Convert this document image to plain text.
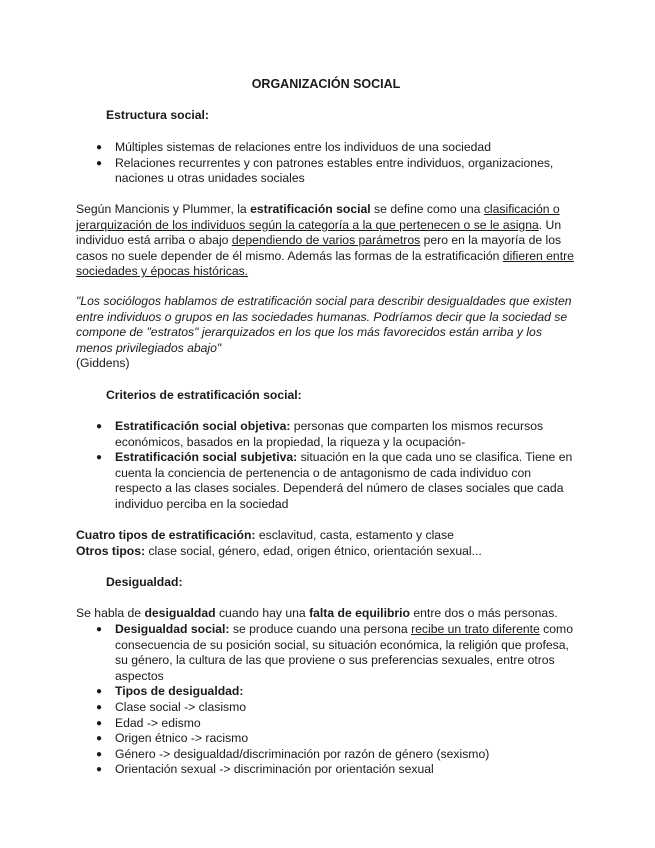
ORGANIZACIÓN SOCIAL
Estructura social:
● Múltiples sistemas de relaciones entre los individuos de una sociedad
● Relaciones recurrentes y con patrones estables entre individuos, organizaciones, naciones u otras unidades sociales
Según Mancionis y Plummer, la estratificación social se define como una clasificación o jerarquización de los individuos según la categoría a la que pertenecen o se le asigna. Un individuo está arriba o abajo dependiendo de varios parámetros pero en la mayoría de los casos no suele depender de él mismo. Además las formas de la estratificación difieren entre sociedades y épocas históricas.
"Los sociólogos hablamos de estratificación social para describir desigualdades que existen entre individuos o grupos en las sociedades humanas. Podríamos decir que la sociedad se compone de "estratos" jerarquizados en los que los más favorecidos están arriba y los menos privilegiados abajo"
(Giddens)
Criterios de estratificación social:
● Estratificación social objetiva: personas que comparten los mismos recursos económicos, basados en la propiedad, la riqueza y la ocupación-
● Estratificación social subjetiva: situación en la que cada uno se clasifica. Tiene en cuenta la conciencia de pertenencia o de antagonismo de cada individuo con respecto a las clases sociales. Dependerá del número de clases sociales que cada individuo perciba en la sociedad
Cuatro tipos de estratificación: esclavitud, casta, estamento y clase
Otros tipos: clase social, género, edad, origen étnico, orientación sexual...
Desigualdad:
Se habla de desigualdad cuando hay una falta de equilibrio entre dos o más personas.
● Desigualdad social: se produce cuando una persona recibe un trato diferente como consecuencia de su posición social, su situación económica, la religión que profesa, su género, la cultura de las que proviene o sus preferencias sexuales, entre otros aspectos
● Tipos de desigualdad:
● Clase social -> clasismo
● Edad -> edismo
● Origen étnico -> racismo
● Género -> desigualdad/discriminación por razón de género (sexismo)
● Orientación sexual -> discriminación por orientación sexual
